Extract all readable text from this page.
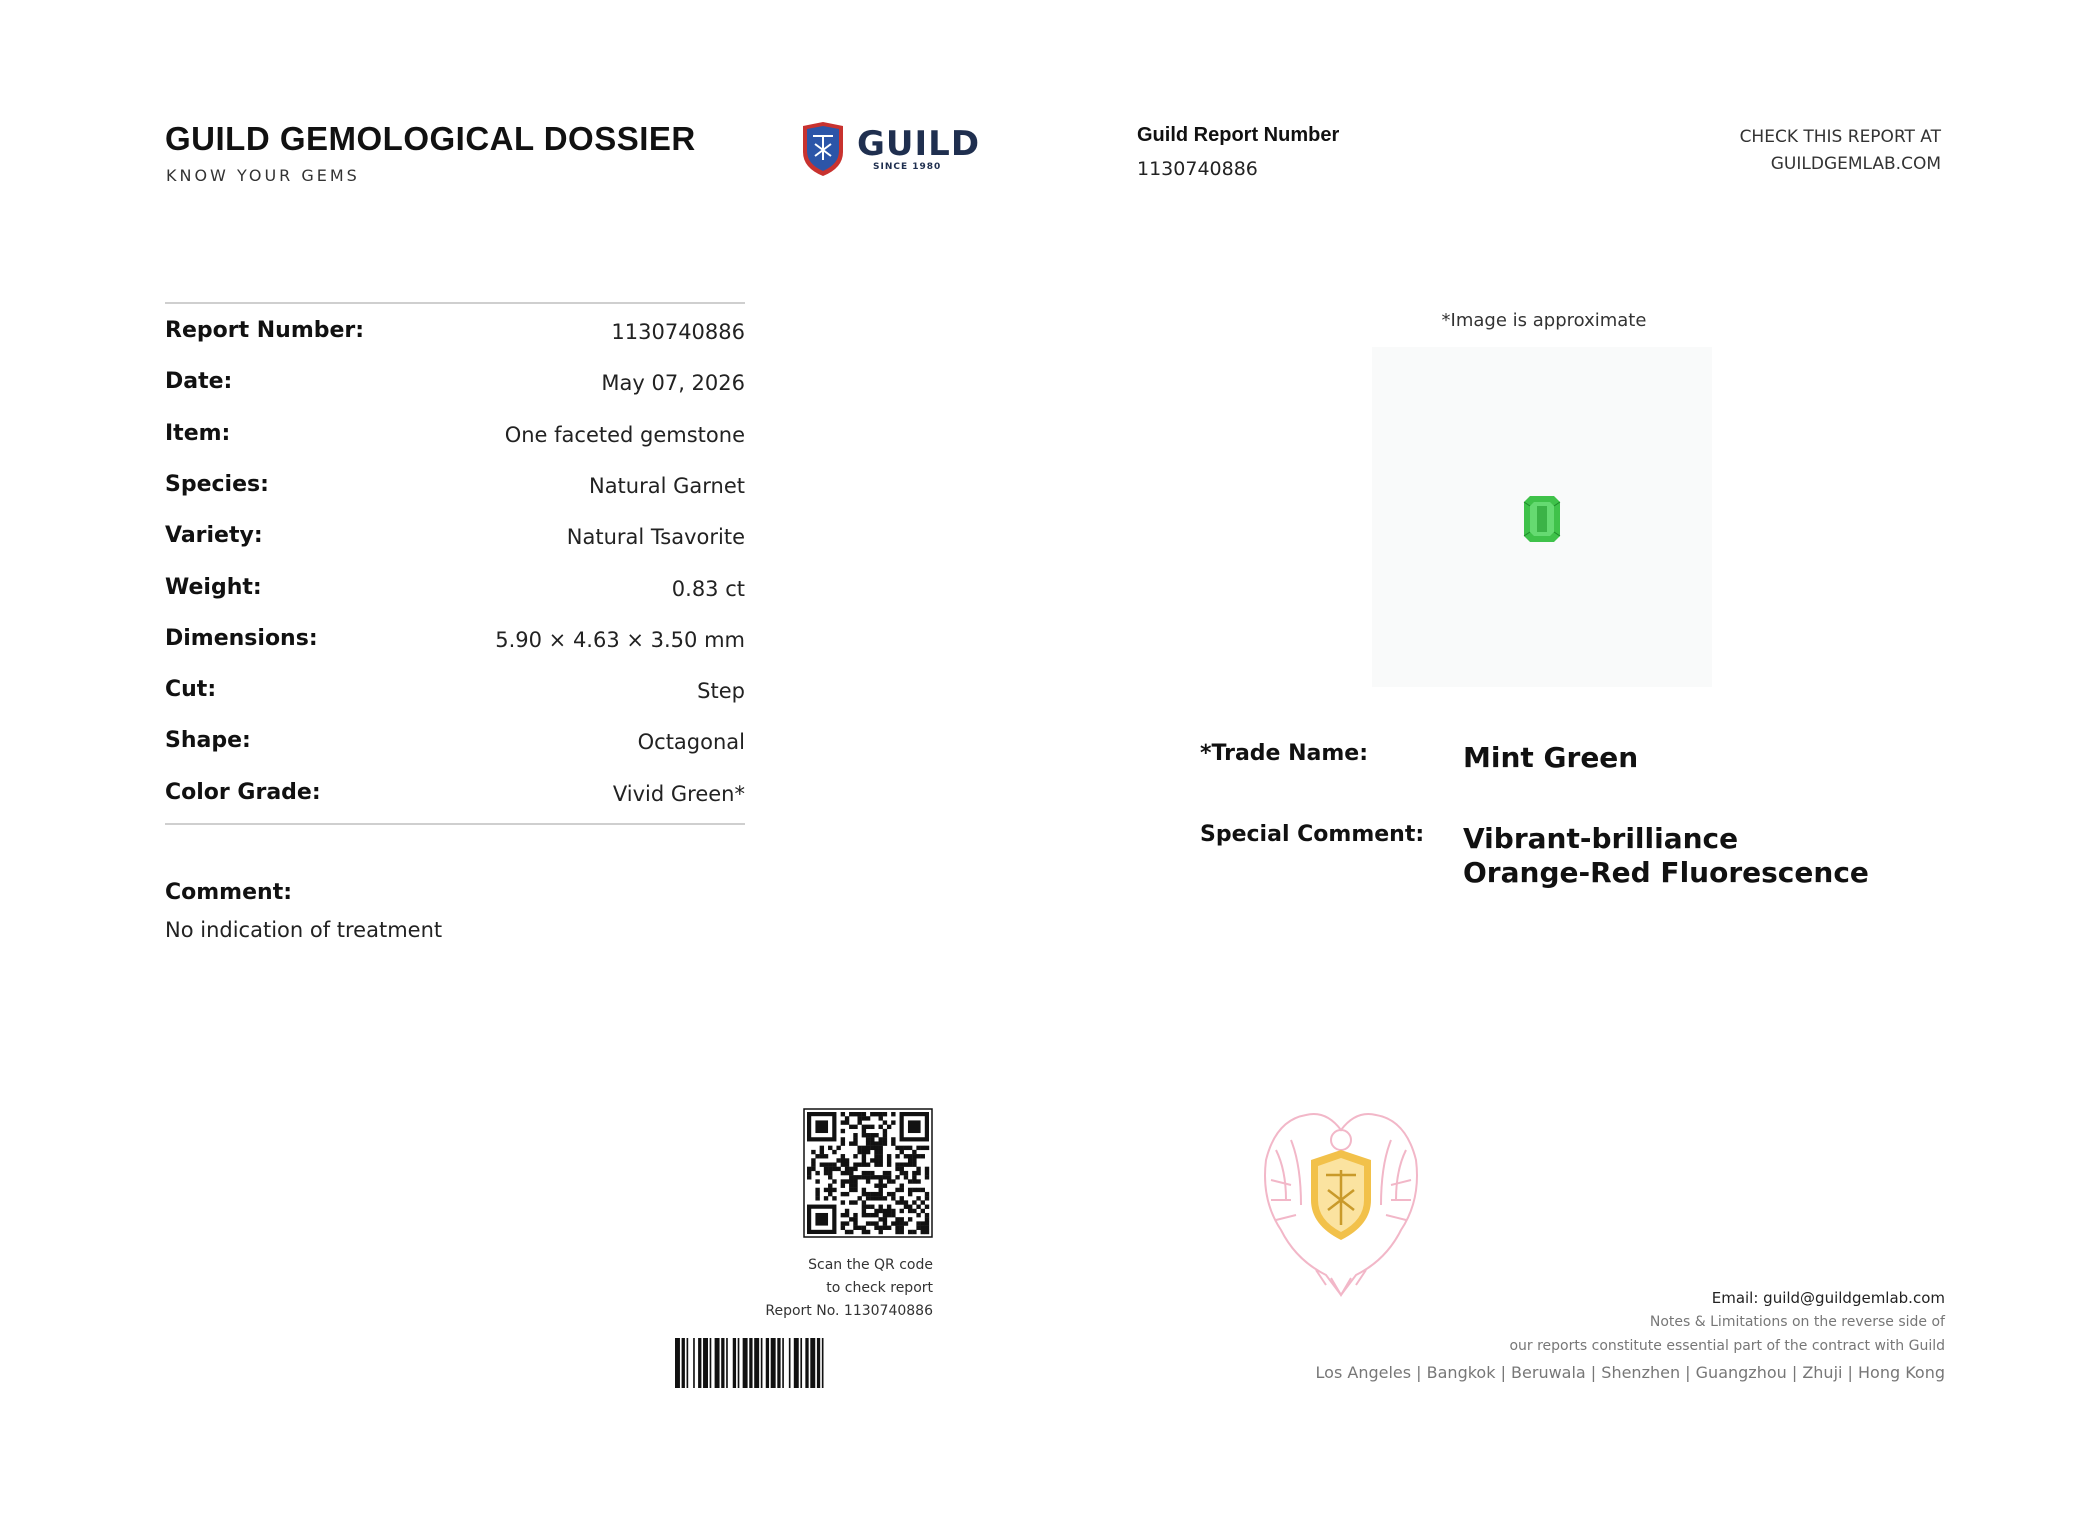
GUILD GEMOLOGICAL DOSSIER
KNOW YOUR GEMS
GUILD
SINCE 1980
Guild Report Number
1130740886
CHECK THIS REPORT AT
GUILDGEMLAB.COM
Report Number:	1130740886
Date:	May 07, 2026
Item:	One faceted gemstone
Species:	Natural Garnet
Variety:	Natural Tsavorite
Weight:	0.83 ct
Dimensions:	5.90 × 4.63 × 3.50 mm
Cut:	Step
Shape:	Octagonal
Color Grade:	Vivid Green*
Comment:
No indication of treatment
*Image is approximate
*Trade Name:	Mint Green
Special Comment: Vibrant-brilliance
Orange-Red Fluorescence
Scan the QR code
to check report
Report No. 1130740886
Email: guild@guildgemlab.com
Notes & Limitations on the reverse side of
our reports constitute essential part of the contract with Guild
Los Angeles | Bangkok | Beruwala | Shenzhen | Guangzhou | Zhuji | Hong Kong
